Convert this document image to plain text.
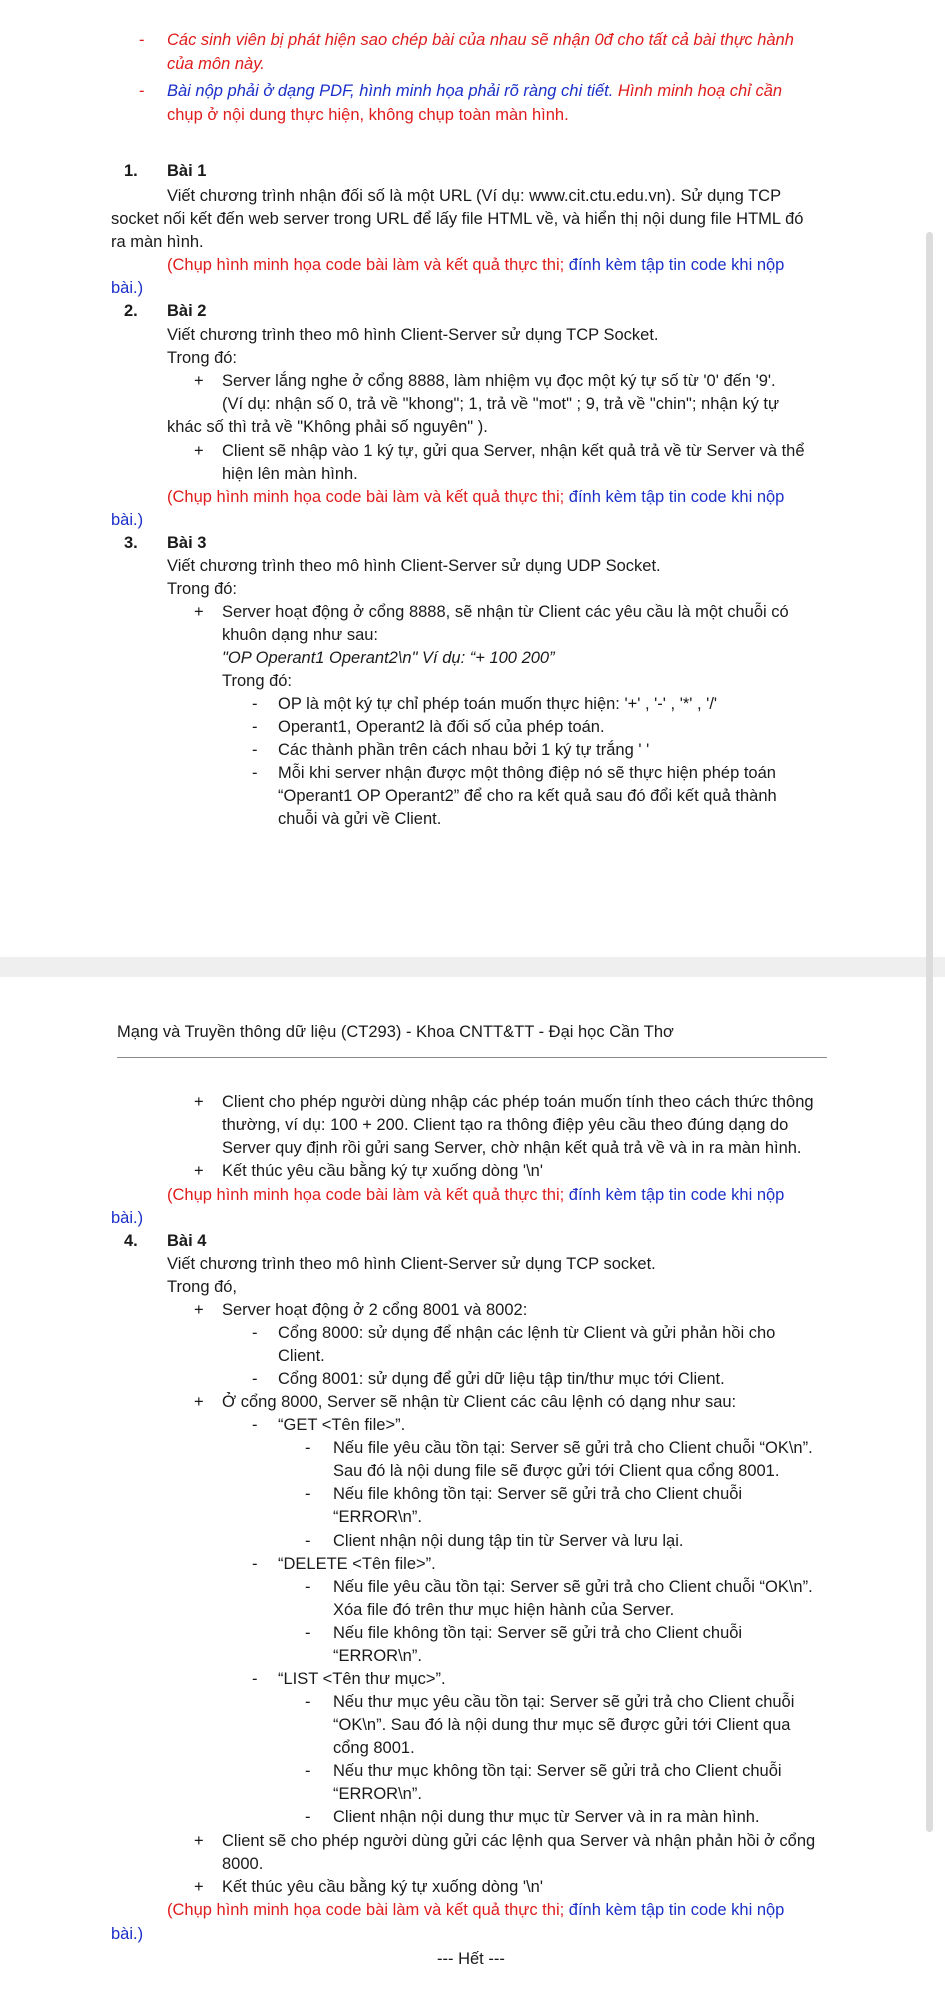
- Các sinh viên bị phát hiện sao chép bài của nhau sẽ nhận 0đ cho tất cả bài thực hành
của môn này.
- Bài nộp phải ở dạng PDF, hình minh họa phải rõ ràng chi tiết. Hình minh hoạ chỉ cần
chụp ở nội dung thực hiện, không chụp toàn màn hình.
1. Bài 1
Viết chương trình nhận đối số là một URL (Ví dụ: www.cit.ctu.edu.vn). Sử dụng TCP
socket nối kết đến web server trong URL để lấy file HTML về, và hiển thị nội dung file HTML đó
ra màn hình.
(Chụp hình minh họa code bài làm và kết quả thực thi; đính kèm tập tin code khi nộp
bài.)
2. Bài 2
Viết chương trình theo mô hình Client-Server sử dụng TCP Socket.
Trong đó:
+ Server lắng nghe ở cổng 8888, làm nhiệm vụ đọc một ký tự số từ '0' đến '9'.
(Ví dụ: nhận số 0, trả về "khong"; 1, trả về "mot" ; 9, trả về "chin"; nhận ký tự
khác số thì trả về "Không phải số nguyên" ).
+ Client sẽ nhập vào 1 ký tự, gửi qua Server, nhận kết quả trả về từ Server và thể
hiện lên màn hình.
(Chụp hình minh họa code bài làm và kết quả thực thi; đính kèm tập tin code khi nộp
bài.)
3. Bài 3
Viết chương trình theo mô hình Client-Server sử dụng UDP Socket.
Trong đó:
+ Server hoạt động ở cổng 8888, sẽ nhận từ Client các yêu cầu là một chuỗi có
khuôn dạng như sau:
"OP Operant1 Operant2\n" Ví dụ: “+ 100 200”
Trong đó:
- OP là một ký tự chỉ phép toán muốn thực hiện: '+' , '-' , '*' , '/'
- Operant1, Operant2 là đối số của phép toán.
- Các thành phần trên cách nhau bởi 1 ký tự trắng ' '
- Mỗi khi server nhận được một thông điệp nó sẽ thực hiện phép toán
“Operant1 OP Operant2” để cho ra kết quả sau đó đổi kết quả thành
chuỗi và gửi về Client.
Mạng và Truyền thông dữ liệu (CT293) - Khoa CNTT&TT - Đại học Cần Thơ
+ Client cho phép người dùng nhập các phép toán muốn tính theo cách thức thông
thường, ví dụ: 100 + 200. Client tạo ra thông điệp yêu cầu theo đúng dạng do
Server quy định rồi gửi sang Server, chờ nhận kết quả trả về và in ra màn hình.
+ Kết thúc yêu cầu bằng ký tự xuống dòng '\n'
(Chụp hình minh họa code bài làm và kết quả thực thi; đính kèm tập tin code khi nộp
bài.)
4. Bài 4
Viết chương trình theo mô hình Client-Server sử dụng TCP socket.
Trong đó,
+ Server hoạt động ở 2 cổng 8001 và 8002:
- Cổng 8000: sử dụng để nhận các lệnh từ Client và gửi phản hồi cho
Client.
- Cổng 8001: sử dụng để gửi dữ liệu tập tin/thư mục tới Client.
+ Ở cổng 8000, Server sẽ nhận từ Client các câu lệnh có dạng như sau:
- “GET <Tên file>”.
- Nếu file yêu cầu tồn tại: Server sẽ gửi trả cho Client chuỗi “OK\n”.
Sau đó là nội dung file sẽ được gửi tới Client qua cổng 8001.
- Nếu file không tồn tại: Server sẽ gửi trả cho Client chuỗi
“ERROR\n”.
- Client nhận nội dung tập tin từ Server và lưu lại.
- “DELETE <Tên file>”.
- Nếu file yêu cầu tồn tại: Server sẽ gửi trả cho Client chuỗi “OK\n”.
Xóa file đó trên thư mục hiện hành của Server.
- Nếu file không tồn tại: Server sẽ gửi trả cho Client chuỗi
“ERROR\n”.
- “LIST <Tên thư mục>”.
- Nếu thư mục yêu cầu tồn tại: Server sẽ gửi trả cho Client chuỗi
“OK\n”. Sau đó là nội dung thư mục sẽ được gửi tới Client qua
cổng 8001.
- Nếu thư mục không tồn tại: Server sẽ gửi trả cho Client chuỗi
“ERROR\n”.
- Client nhận nội dung thư mục từ Server và in ra màn hình.
+ Client sẽ cho phép người dùng gửi các lệnh qua Server và nhận phản hồi ở cổng
8000.
+ Kết thúc yêu cầu bằng ký tự xuống dòng '\n'
(Chụp hình minh họa code bài làm và kết quả thực thi; đính kèm tập tin code khi nộp
bài.)
--- Hết ---
